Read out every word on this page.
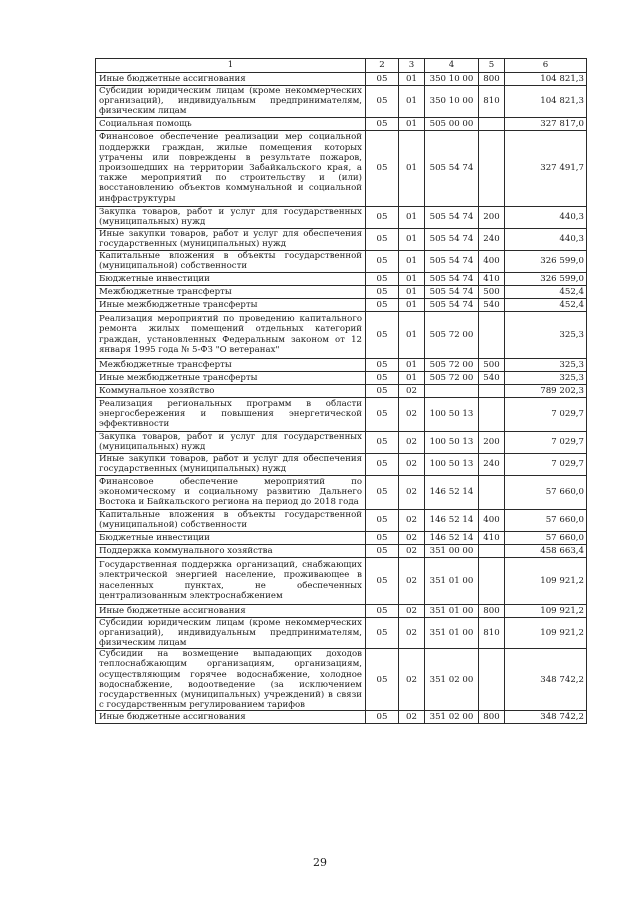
1	2	3	4	5	6
Иные бюджетные ассигнования	05	01	350 10 00	800	104 821,3
Субсидии юридическим лицам (кроме некоммерческих организаций), индивидуальным предпринимателям, физическим лицам	05	01	350 10 00	810	104 821,3
Социальная помощь	05	01	505 00 00		327 817,0
Финансовое обеспечение реализации мер социальной поддержки граждан, жилые помещения которых утрачены или повреждены в результате пожаров, произошедших на территории Забайкальского края, а также мероприятий по строительству и (или) восстановлению объектов коммунальной и социальной инфраструктуры	05	01	505 54 74		327 491,7
Закупка товаров, работ и услуг для государственных (муниципальных) нужд	05	01	505 54 74	200	440,3
Иные закупки товаров, работ и услуг для обеспечения государственных (муниципальных) нужд	05	01	505 54 74	240	440,3
Капитальные вложения в объекты государственной (муниципальной) собственности	05	01	505 54 74	400	326 599,0
Бюджетные инвестиции	05	01	505 54 74	410	326 599,0
Межбюджетные трансферты	05	01	505 54 74	500	452,4
Иные межбюджетные трансферты	05	01	505 54 74	540	452,4
Реализация мероприятий по проведению капитального ремонта жилых помещений отдельных категорий граждан, установленных Федеральным законом от 12 января 1995 года № 5-ФЗ "О ветеранах"	05	01	505 72 00		325,3
Межбюджетные трансферты	05	01	505 72 00	500	325,3
Иные межбюджетные трансферты	05	01	505 72 00	540	325,3
Коммунальное хозяйство	05	02			789 202,3
Реализация региональных программ в области энергосбережения и повышения энергетической эффективности	05	02	100 50 13		7 029,7
Закупка товаров, работ и услуг для государственных (муниципальных) нужд	05	02	100 50 13	200	7 029,7
Иные закупки товаров, работ и услуг для обеспечения государственных (муниципальных) нужд	05	02	100 50 13	240	7 029,7
Финансовое обеспечение мероприятий по экономическому и социальному развитию Дальнего Востока и Байкальского региона на период до 2018 года	05	02	146 52 14		57 660,0
Капитальные вложения в объекты государственной (муниципальной) собственности	05	02	146 52 14	400	57 660,0
Бюджетные инвестиции	05	02	146 52 14	410	57 660,0
Поддержка коммунального хозяйства	05	02	351 00 00		458 663,4
Государственная поддержка организаций, снабжающих электрической энергией население, проживающее в населенных пунктах, не обеспеченных централизованным электроснабжением	05	02	351 01 00		109 921,2
Иные бюджетные ассигнования	05	02	351 01 00	800	109 921,2
Субсидии юридическим лицам (кроме некоммерческих организаций), индивидуальным предпринимателям, физическим лицам	05	02	351 01 00	810	109 921,2
Субсидии на возмещение выпадающих доходов теплоснабжающим организациям, организациям, осуществляющим горячее водоснабжение, холодное водоснабжение, водоотведение (за исключением государственных (муниципальных) учреждений) в связи с государственным регулированием тарифов	05	02	351 02 00		348 742,2
Иные бюджетные ассигнования	05	02	351 02 00	800	348 742,2
29
